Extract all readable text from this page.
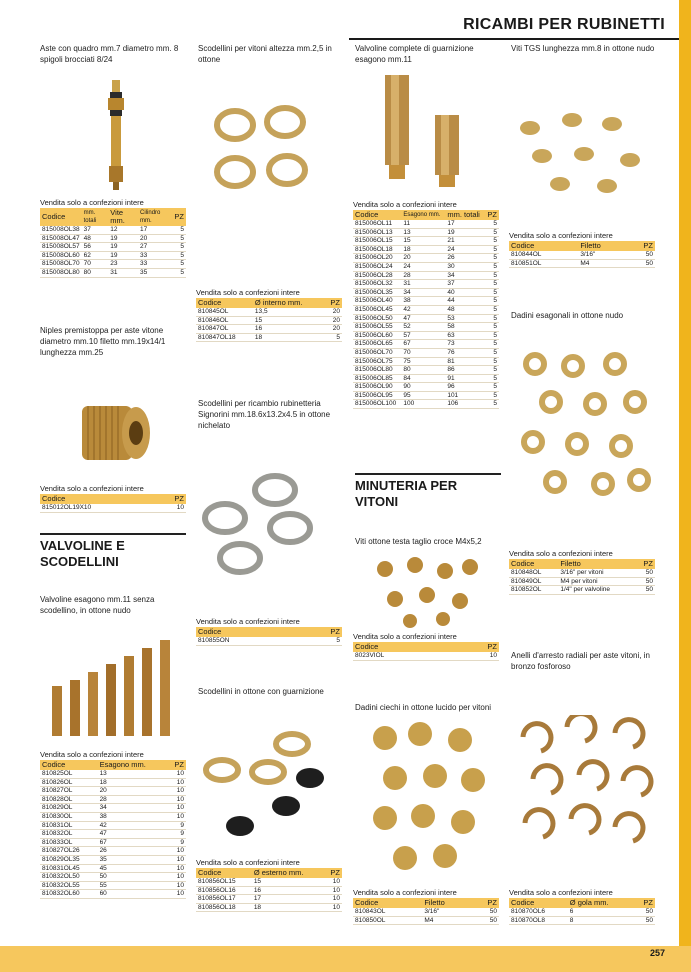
257
RICAMBI PER RUBINETTI
Aste con quadro mm.7 diametro mm. 8 spigoli brocciati 8/24
Vendita solo a confezioni intere
Codice	mm. totali	Vite mm.	Cilindro mm.	PZ
815008OL38	37	12	17	5
815008OL47	48	19	20	5
815008OL57	56	19	27	5
815008OL60	62	19	33	5
815008OL70	70	23	33	5
815008OL80	80	31	35	5
Niples premistoppa per aste vitone diametro mm.10 filetto mm.19x14/1 lunghezza mm.25
Vendita solo a confezioni intere
Codice	PZ
815012OL19X10	10
VALVOLINE E SCODELLINI
Valvoline esagono mm.11 senza scodellino, in ottone nudo
Vendita solo a confezioni intere
Codice	Esagono mm.	PZ
810825OL	13	10
810826OL	18	10
810827OL	20	10
810828OL	28	10
810829OL	34	10
810830OL	38	10
810831OL	42	9
810832OL	47	9
810833OL	67	9
810827OL26	26	10
810829OL35	35	10
810831OL45	45	10
810832OL50	50	10
810832OL55	55	10
810832OL60	60	10
Scodellini per vitoni altezza mm.2,5 in ottone
Vendita solo a confezioni intere
Codice	Ø interno mm.	PZ
810845OL	13,5	20
810846OL	15	20
810847OL	16	20
810847OL18	18	5
Scodellini per ricambio rubinetteria Signorini mm.18.6x13.2x4.5 in ottone nichelato
Vendita solo a confezioni intere
Codice	PZ
810855ON	5
Scodellini in ottone con guarnizione
Vendita solo a confezioni intere
Codice	Ø esterno mm.	PZ
810856OL15	15	10
810856OL16	16	10
810856OL17	17	10
810856OL18	18	10
Valvoline complete di guarnizione esagono mm.11
Vendita solo a confezioni intere
Codice	Esagono mm.	mm. totali	PZ
815006OL11	11	17	5
815006OL13	13	19	5
815006OL15	15	21	5
815006OL18	18	24	5
815006OL20	20	26	5
815006OL24	24	30	5
815006OL28	28	34	5
815006OL32	31	37	5
815006OL35	34	40	5
815006OL40	38	44	5
815006OL45	42	48	5
815006OL50	47	53	5
815006OL55	52	58	5
815006OL60	57	63	5
815006OL65	67	73	5
815006OL70	70	76	5
815006OL75	75	81	5
815006OL80	80	86	5
815006OL85	84	91	5
815006OL90	90	96	5
815006OL95	95	101	5
815006OL100	100	106	5
MINUTERIA PER VITONI
Viti ottone testa taglio croce M4x5,2
Vendita solo a confezioni intere
Codice	PZ
8023VIOL	10
Dadini ciechi in ottone lucido per vitoni
Vendita solo a confezioni intere
Codice	Filetto	PZ
810843OL	3/16"	50
810850OL	M4	50
Viti TGS lunghezza mm.8 in ottone nudo
Vendita solo a confezioni intere
Codice	Filetto	PZ
810844OL	3/16"	50
810851OL	M4	50
Dadini esagonali in ottone nudo
Vendita solo a confezioni intere
Codice	Filetto	PZ
810848OL	3/16" per vitoni	50
810849OL	M4 per vitoni	50
810852OL	1/4" per valvoline	50
Anelli d'arresto radiali per aste vitoni, in bronzo fosforoso
Vendita solo a confezioni intere
Codice	Ø gola mm.	PZ
810870OL6	6	50
810870OL8	8	50
